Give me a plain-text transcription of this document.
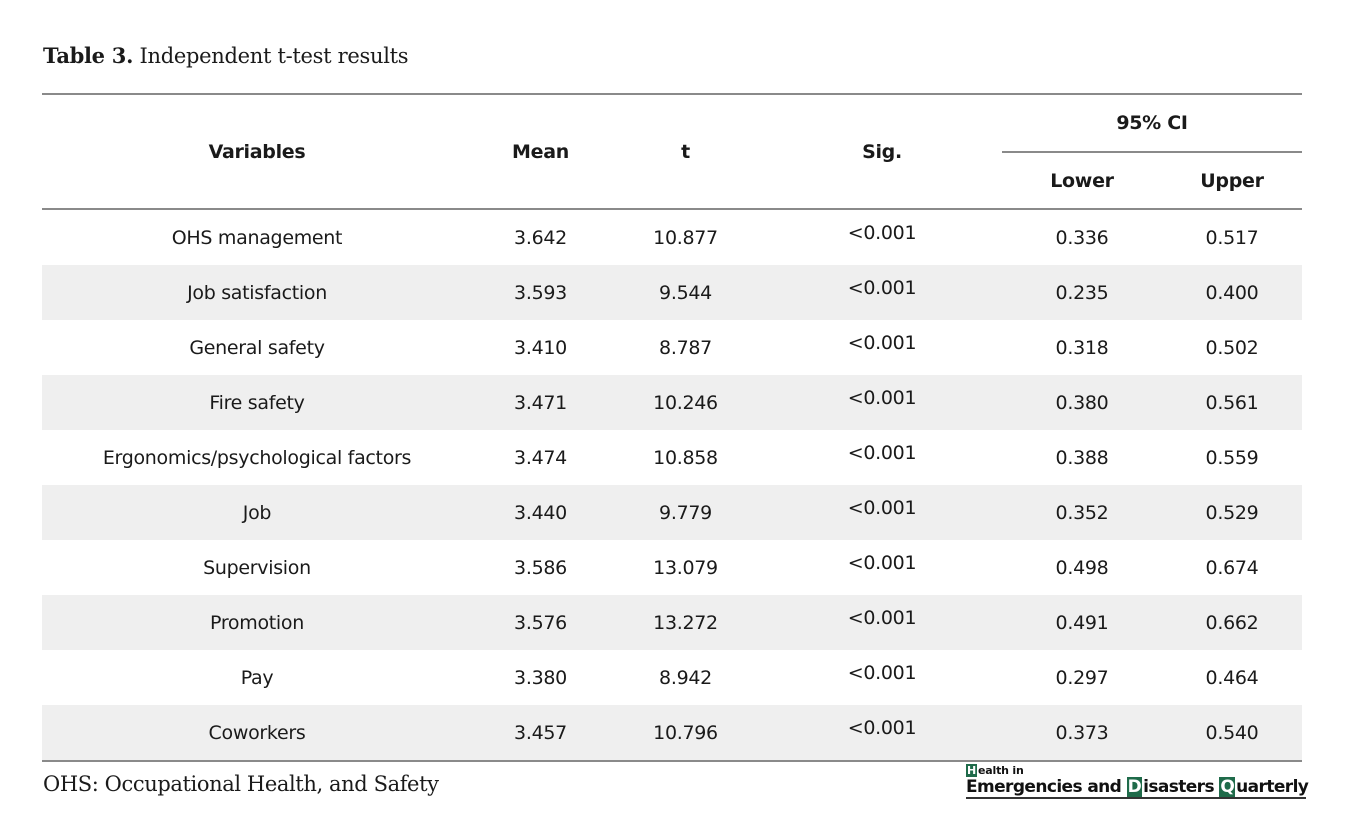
Table 3. Independent t-test results
Variables	Mean	t	Sig.	95% CI	
				Lower	Upper
OHS management	3.642	10.877	<0.001	0.336	0.517
Job satisfaction	3.593	9.544	<0.001	0.235	0.400
General safety	3.410	8.787	<0.001	0.318	0.502
Fire safety	3.471	10.246	<0.001	0.380	0.561
Ergonomics/psychological factors	3.474	10.858	<0.001	0.388	0.559
Job	3.440	9.779	<0.001	0.352	0.529
Supervision	3.586	13.079	<0.001	0.498	0.674
Promotion	3.576	13.272	<0.001	0.491	0.662
Pay	3.380	8.942	<0.001	0.297	0.464
Coworkers	3.457	10.796	<0.001	0.373	0.540
OHS: Occupational Health, and Safety
H ealth in
Emergencies and D isasters Q uarterly
